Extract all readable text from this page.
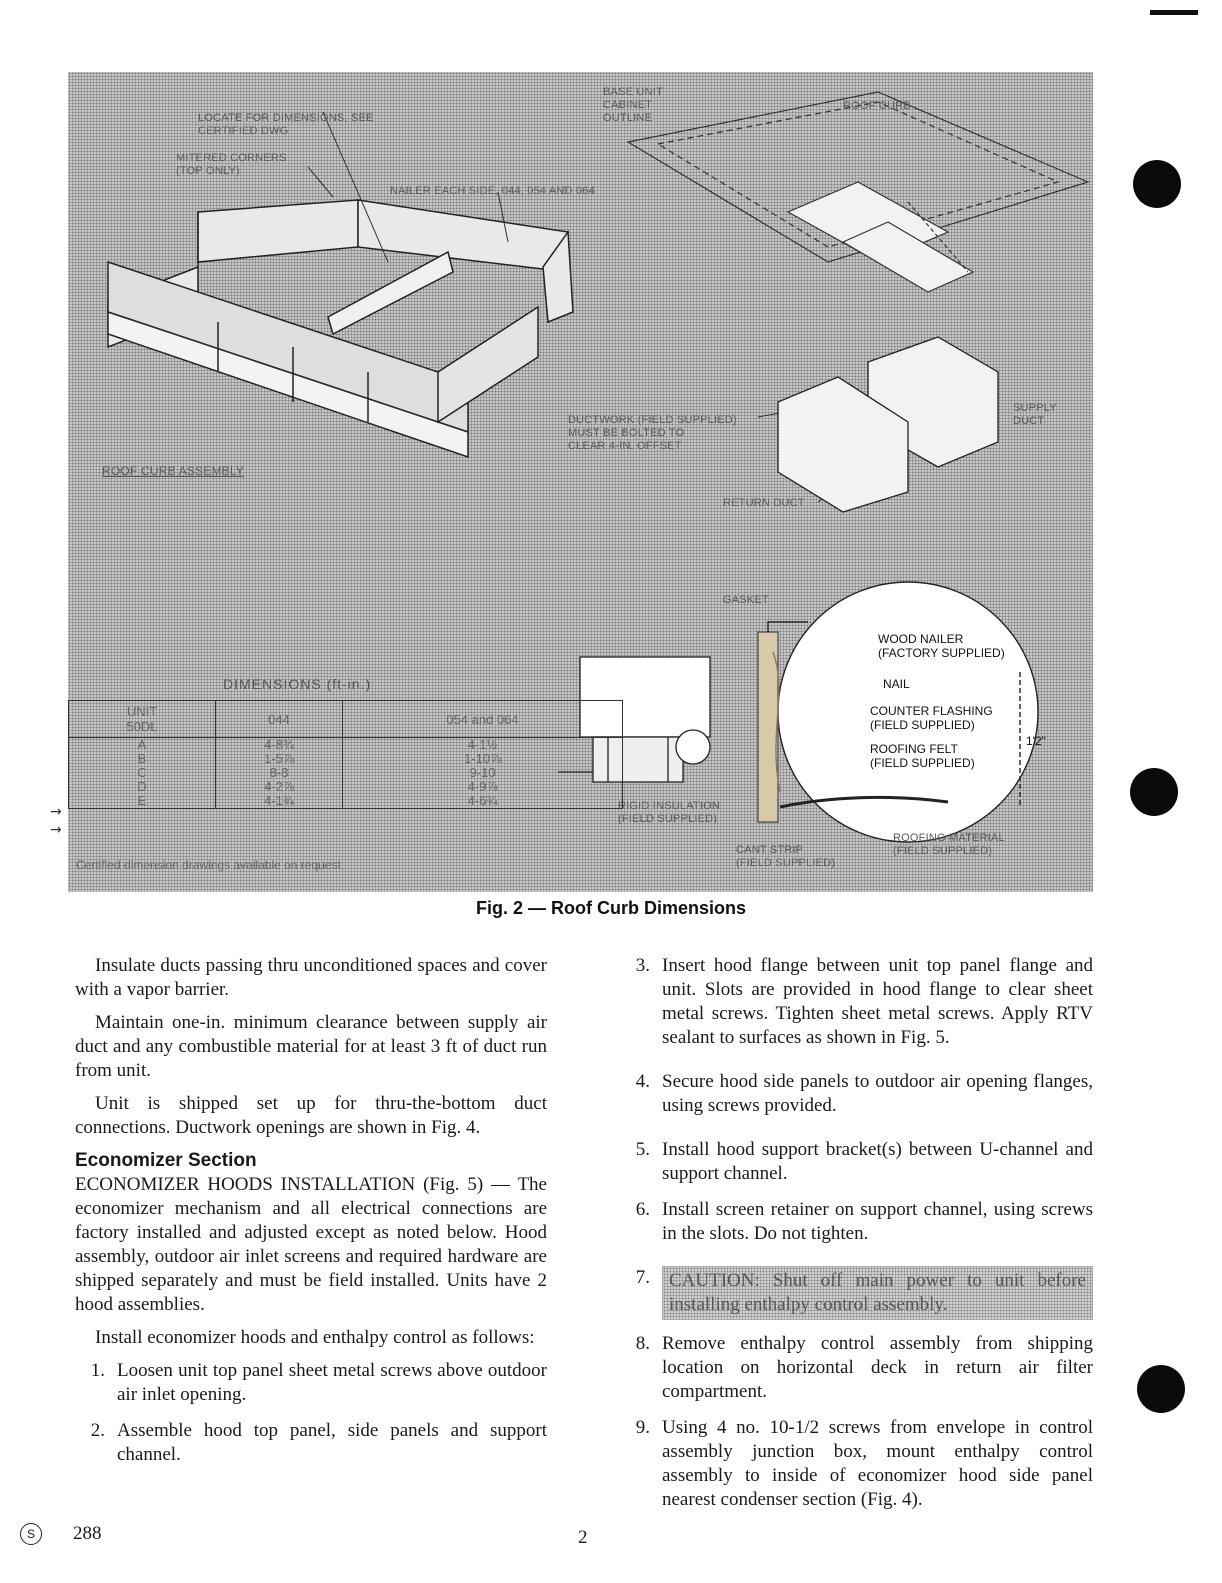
LOCATE FOR DIMENSIONS, SEE
CERTIFIED DWG
MITERED CORNERS
(TOP ONLY)
NAILER EACH SIDE, 044, 054 AND 064
BASE UNIT
CABINET
OUTLINE
ROOF CURB
DUCTWORK (FIELD SUPPLIED)
MUST BE BOLTED TO
CLEAR 4-IN. OFFSET
ROOF CURB ASSEMBLY
SUPPLY
DUCT
RETURN DUCT
GASKET
WOOD NAILER
(FACTORY SUPPLIED)
NAIL
COUNTER FLASHING
(FIELD SUPPLIED)
ROOFING FELT
(FIELD SUPPLIED)
1'2"
RIGID INSULATION
(FIELD SUPPLIED)
CANT STRIP
(FIELD SUPPLIED)
ROOFING MATERIAL
(FIELD SUPPLIED)
DIMENSIONS (ft-in.)
UNIT
50DL	044	054 and 064
A	4-8¾	4-1½
B	1-5⅞	1-10⅞
C	8-8	9-10
D	4-2⅞	4-9⅞
E	4-1¾	4-6¾
Certified dimension drawings available on request.
→
→
Fig. 2 — Roof Curb Dimensions

Insulate ducts passing thru unconditioned spaces and cover with a vapor barrier.

Maintain one-in. minimum clearance between supply air duct and any combustible material for at least 3 ft of duct run from unit.

Unit is shipped set up for thru-the-bottom duct connections. Ductwork openings are shown in Fig. 4.

Economizer Section

ECONOMIZER HOODS INSTALLATION (Fig. 5) — The economizer mechanism and all electrical connections are factory installed and adjusted except as noted below. Hood assembly, outdoor air inlet screens and required hardware are shipped separately and must be field installed. Units have 2 hood assemblies.

Install economizer hoods and enthalpy control as follows:

1. Loosen unit top panel sheet metal screws above outdoor air inlet opening.
2. Assemble hood top panel, side panels and support channel.
3. Insert hood flange between unit top panel flange and unit. Slots are provided in hood flange to clear sheet metal screws. Tighten sheet metal screws. Apply RTV sealant to surfaces as shown in Fig. 5.
4. Secure hood side panels to outdoor air opening flanges, using screws provided.
5. Install hood support bracket(s) between U-channel and support channel.
6. Install screen retainer on support channel, using screws in the slots. Do not tighten.
7. CAUTION: Shut off main power to unit before installing enthalpy control assembly.
8. Remove enthalpy control assembly from shipping location on horizontal deck in return air filter compartment.
9. Using 4 no. 10-1/2 screws from envelope in control assembly junction box, mount enthalpy control assembly to inside of economizer hood side panel nearest condenser section (Fig. 4).
S	288	2
